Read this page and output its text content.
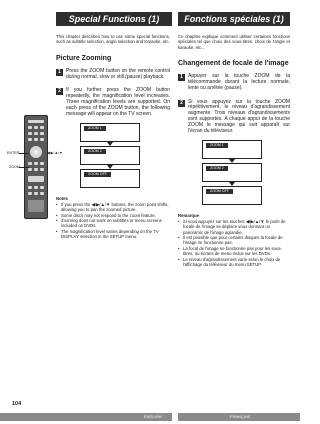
Special Functions (1)	Fonctions spéciales (1)
ENTER	◀/▶/▲/▼
ZOOM

This chapter describes how to use some special functions, such as subtitle selection, angle selection and Karaoke, etc.

Picture Zooming

1	Press the ZOOM button on the remote control during normal, slow or still (pause) playback.
2	If you further press the ZOOM button repeatedly, the magnification level increases. Three magnification levels are supported. On each press of the ZOOM button, the following message will appear on the TV screen.
ZOOM 1
ZOOM 2
ZOOM OFF

Notes

• If you press the ◀/▶/▲/▼ buttons, the zoom point shifts, allowing you to pan the zoomed picture.
• Some discs may not respond to the zoom feature.
• Zooming does not work on subtitles or menu screens included on DVDs.
• The magnification level varies depending on the TV DISPLAY selection in the SETUP menu.

Ce chapitre explique comment utiliser certaines fonctions spéciales tel que choix des sous-titres, choix de l'angle et karaoke, etc…

Changement de focale de l'image

1	Appuyer sur la touche ZOOM de la télécommande durant la lecture normale, lente ou arrêtée (pause).
2	Si vous appuyez sur la touche ZOOM répétitivement, le niveau d'agrandissement augmente. Trois niveaux d'agrandissements sont supportés. A chaque appui de la touche ZOOM le message qui suit apparaît sur l'écran du téléviseur.
ZOOM 1
ZOOM 2
ZOOM OFF

Remarque

• Si vous appuyez sur les touches ◀/▶/▲/▼ le point de focale de l'image se déplace vous donnant un panoramic de l'image agrandie.
• Il est possible que pour certains disques la focale de l'image ne fonctionne pas.
• La focal de l'image ne fonctionne pas pour les sous-titres, ou écrans de menu inclus sur les DVDs.
• Le niveau d'agrandissement varie selon le choix de l'affichage du téléviseur du menu SETUP.
104
ENGLISH	FRANÇAIS
